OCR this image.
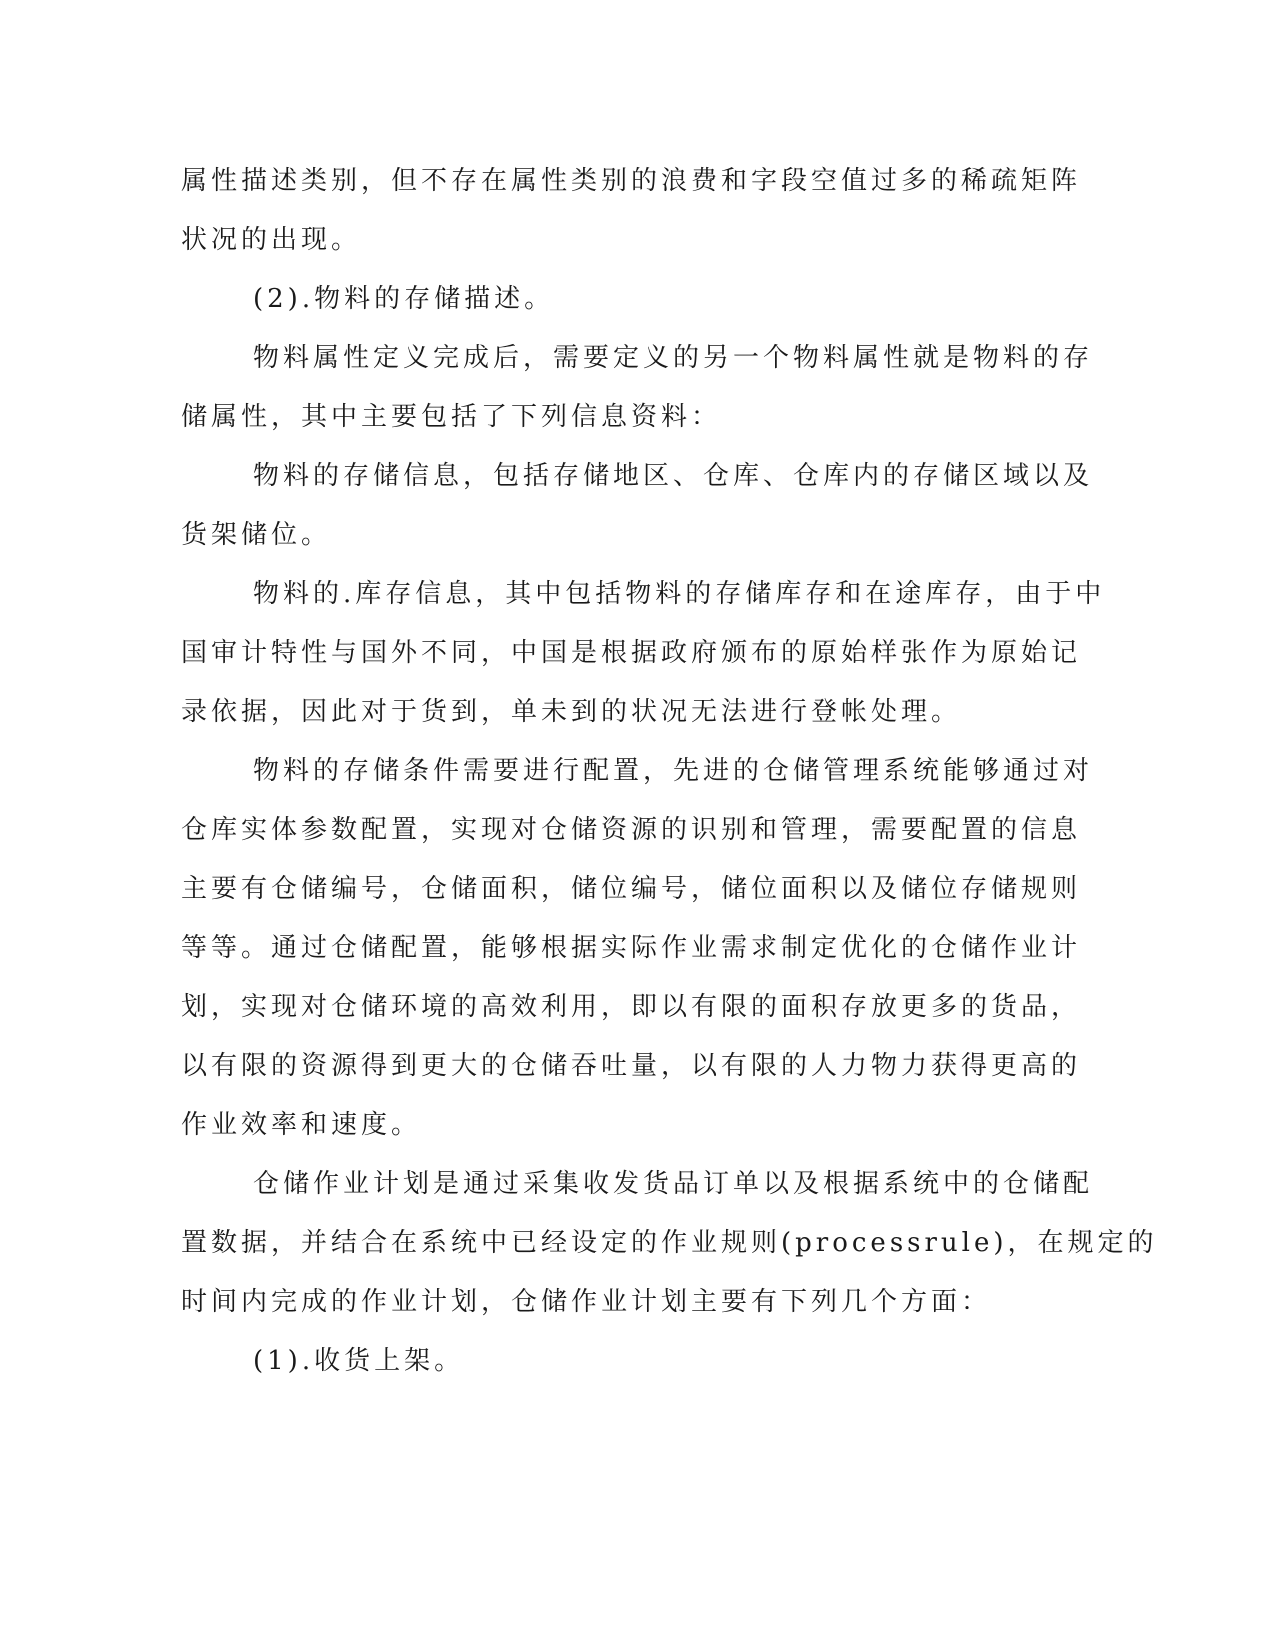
属性描述类别，但不存在属性类别的浪费和字段空值过多的稀疏矩阵
状况的出现。
(2).物料的存储描述。
物料属性定义完成后，需要定义的另一个物料属性就是物料的存
储属性，其中主要包括了下列信息资料：
物料的存储信息，包括存储地区、仓库、仓库内的存储区域以及
货架储位。
物料的.库存信息，其中包括物料的存储库存和在途库存，由于中
国审计特性与国外不同，中国是根据政府颁布的原始样张作为原始记
录依据，因此对于货到，单未到的状况无法进行登帐处理。
物料的存储条件需要进行配置，先进的仓储管理系统能够通过对
仓库实体参数配置，实现对仓储资源的识别和管理，需要配置的信息
主要有仓储编号，仓储面积，储位编号，储位面积以及储位存储规则
等等。通过仓储配置，能够根据实际作业需求制定优化的仓储作业计
划，实现对仓储环境的高效利用，即以有限的面积存放更多的货品，
以有限的资源得到更大的仓储吞吐量，以有限的人力物力获得更高的
作业效率和速度。
仓储作业计划是通过采集收发货品订单以及根据系统中的仓储配
置数据，并结合在系统中已经设定的作业规则(processrule)，在规定的
时间内完成的作业计划，仓储作业计划主要有下列几个方面：
(1).收货上架。
